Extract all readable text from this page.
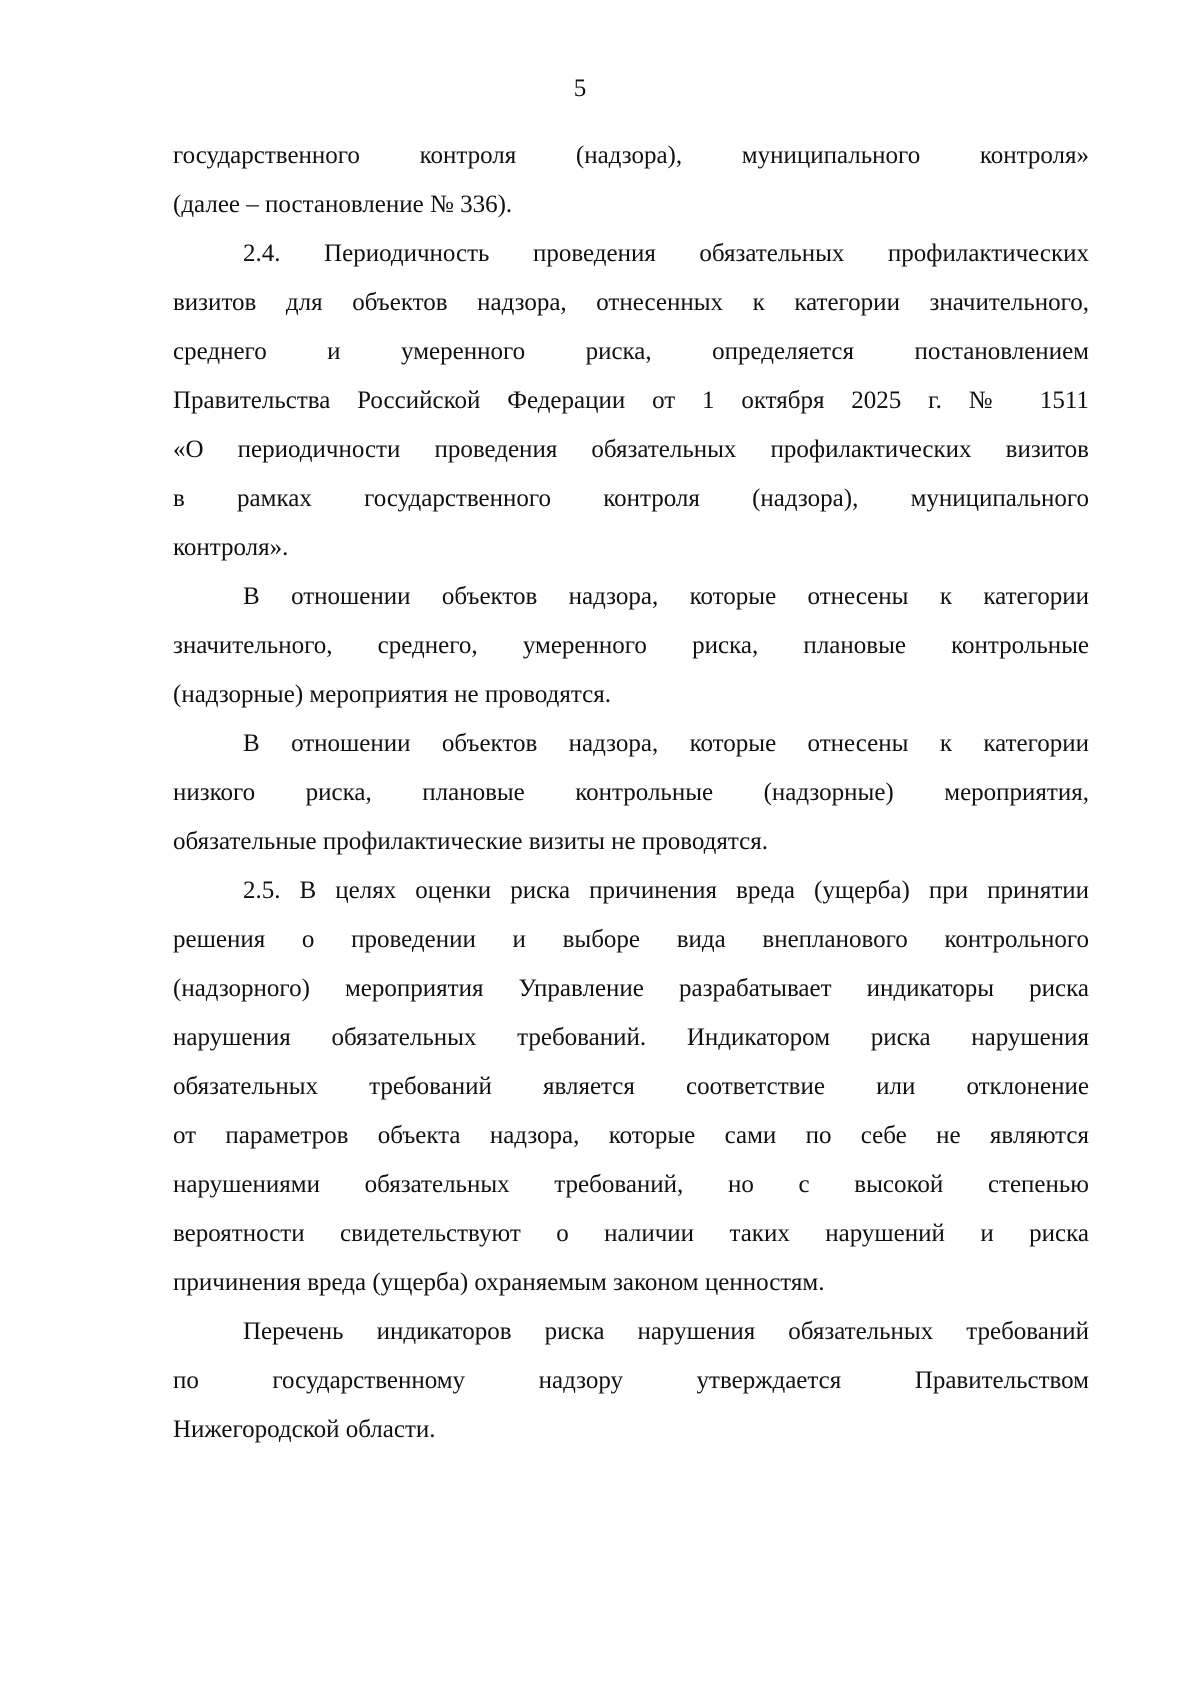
5
государственного контроля (надзора), муниципального контроля»
(далее – постановление № 336).
2.4. Периодичность проведения обязательных профилактических
визитов для объектов надзора, отнесенных к категории значительного,
среднего и умеренного риска, определяется постановлением
Правительства Российской Федерации от 1 октября 2025 г. № 1511
«О периодичности проведения обязательных профилактических визитов
в рамках государственного контроля (надзора), муниципального
контроля».
В отношении объектов надзора, которые отнесены к категории
значительного, среднего, умеренного риска, плановые контрольные
(надзорные) мероприятия не проводятся.
В отношении объектов надзора, которые отнесены к категории
низкого риска, плановые контрольные (надзорные) мероприятия,
обязательные профилактические визиты не проводятся.
2.5. В целях оценки риска причинения вреда (ущерба) при принятии
решения о проведении и выборе вида внепланового контрольного
(надзорного) мероприятия Управление разрабатывает индикаторы риска
нарушения обязательных требований. Индикатором риска нарушения
обязательных требований является соответствие или отклонение
от параметров объекта надзора, которые сами по себе не являются
нарушениями обязательных требований, но с высокой степенью
вероятности свидетельствуют о наличии таких нарушений и риска
причинения вреда (ущерба) охраняемым законом ценностям.
Перечень индикаторов риска нарушения обязательных требований
по государственному надзору утверждается Правительством
Нижегородской области.
